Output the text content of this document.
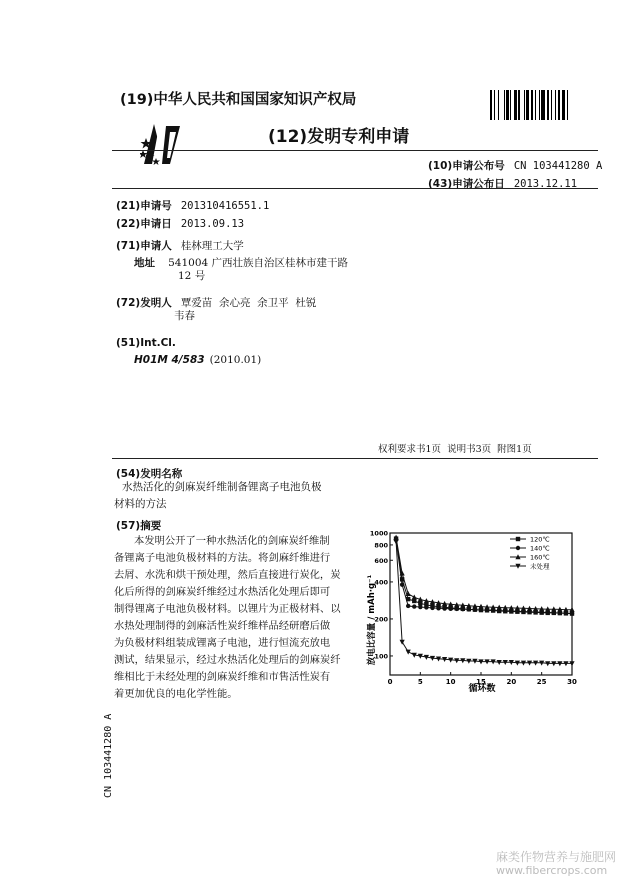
(19)中华人民共和国国家知识产权局
(12)发明专利申请
(10)申请公布号 CN 103441280 A
(43)申请公布日 2013.12.11
(21)申请号 201310416551.1
(22)申请日 2013.09.13
(71)申请人 桂林理工大学
地址 541004 广西壮族自治区桂林市建干路
12 号
(72)发明人 覃爱苗  余心亮  余卫平  杜锐
韦春
(51)Int.Cl.
H01M 4/583 (2010.01)
权利要求书1页  说明书3页  附图1页
(54)发明名称
水热活化的剑麻炭纤维制备锂离子电池负极
材料的方法
(57)摘要
本发明公开了一种水热活化的剑麻炭纤维制
备锂离子电池负极材料的方法。将剑麻纤维进行
去屑、水洗和烘干预处理，然后直接进行炭化，炭
化后所得的剑麻炭纤维经过水热活化处理后即可
制得锂离子电池负极材料。以锂片为正极材料、以
水热处理制得的剑麻活性炭纤维样品经研磨后做
为负极材料组装成锂离子电池，进行恒流充放电
测试，结果显示，经过水热活化处理后的剑麻炭纤
维相比于未经处理的剑麻炭纤维和市售活性炭有
着更加优良的电化学性能。
0	5	10	15	20	25	30
1000
800
600
400
200
100
120℃
140℃
160℃
未处理
放电比容量 / mAh·g⁻¹
循环数
CN 103441280 A
麻类作物营养与施肥网
www.fibercrops.com
